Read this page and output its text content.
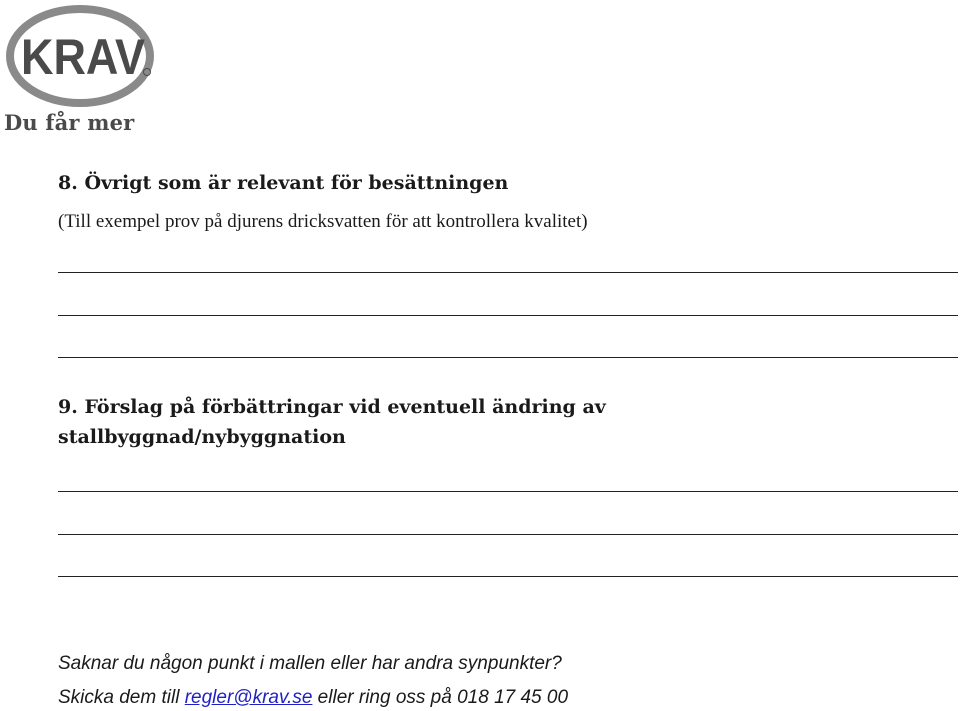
KRAV
Du får mer
8. Övrigt som är relevant för besättningen

(Till exempel prov på djurens dricksvatten för att kontrollera kvalitet)

9. Förslag på förbättringar vid eventuell ändring av
stallbyggnad/nybyggnation

Saknar du någon punkt i mallen eller har andra synpunkter?

Skicka dem till regler@krav.se eller ring oss på 018 17 45 00
